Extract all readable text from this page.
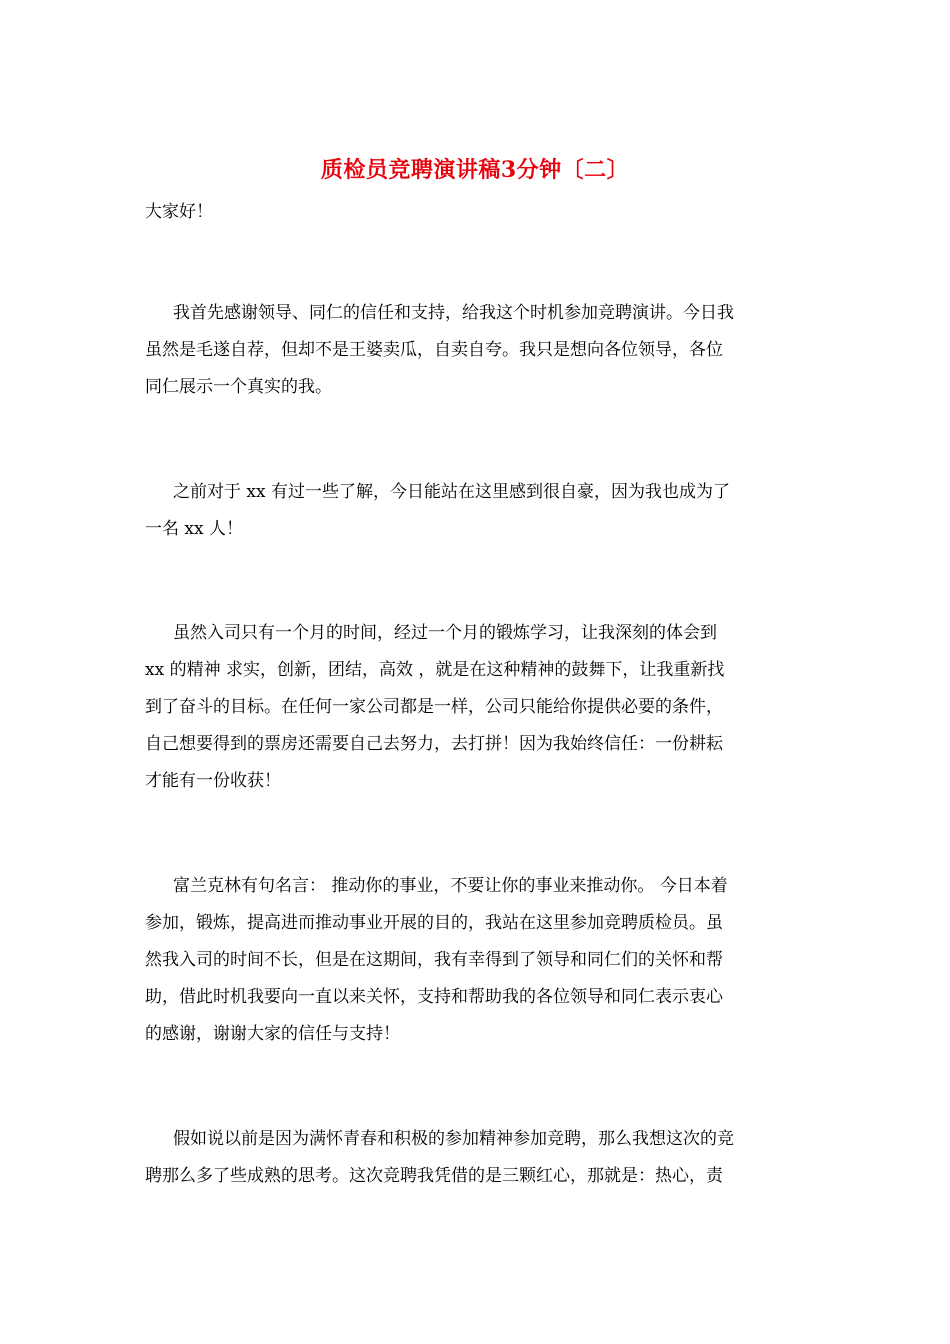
质检员竞聘演讲稿3分钟〔二〕
大家好！
我首先感谢领导、同仁的信任和支持，给我这个时机参加竞聘演讲。今日我
虽然是毛遂自荐，但却不是王婆卖瓜，自卖自夸。我只是想向各位领导，各位
同仁展示一个真实的我。
之前对于 xx 有过一些了解，今日能站在这里感到很自豪，因为我也成为了
一名 xx 人！
虽然入司只有一个月的时间，经过一个月的锻炼学习，让我深刻的体会到
xx 的精神 求实，创新，团结，高效 ，就是在这种精神的鼓舞下，让我重新找
到了奋斗的目标。在任何一家公司都是一样，公司只能给你提供必要的条件，
自己想要得到的票房还需要自己去努力，去打拼！因为我始终信任：一份耕耘
才能有一份收获！
富兰克林有句名言： 推动你的事业，不要让你的事业来推动你。 今日本着
参加，锻炼，提高进而推动事业开展的目的，我站在这里参加竞聘质检员。虽
然我入司的时间不长，但是在这期间，我有幸得到了领导和同仁们的关怀和帮
助，借此时机我要向一直以来关怀，支持和帮助我的各位领导和同仁表示衷心
的感谢，谢谢大家的信任与支持！
假如说以前是因为满怀青春和积极的参加精神参加竞聘，那么我想这次的竞
聘那么多了些成熟的思考。这次竞聘我凭借的是三颗红心，那就是：热心，责
